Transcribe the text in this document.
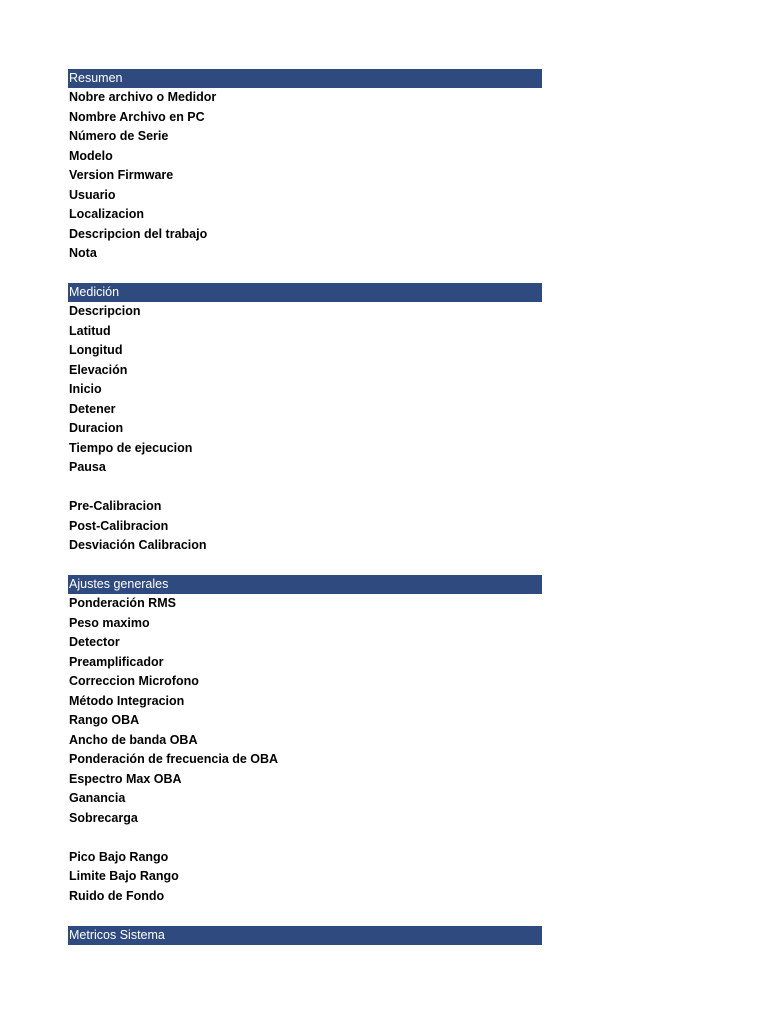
Resumen
Nobre archivo o Medidor
Nombre Archivo en PC
Número de Serie
Modelo
Version Firmware
Usuario
Localizacion
Descripcion del trabajo
Nota
Medición
Descripcion
Latitud
Longitud
Elevación
Inicio
Detener
Duracion
Tiempo de ejecucion
Pausa
Pre-Calibracion
Post-Calibracion
Desviación Calibracion
Ajustes generales
Ponderación RMS
Peso maximo
Detector
Preamplificador
Correccion Microfono
Método Integracion
Rango OBA
Ancho de banda OBA
Ponderación de frecuencia de OBA
Espectro Max OBA
Ganancia
Sobrecarga
Pico Bajo Rango
Limite Bajo Rango
Ruido de Fondo
Metricos Sistema
